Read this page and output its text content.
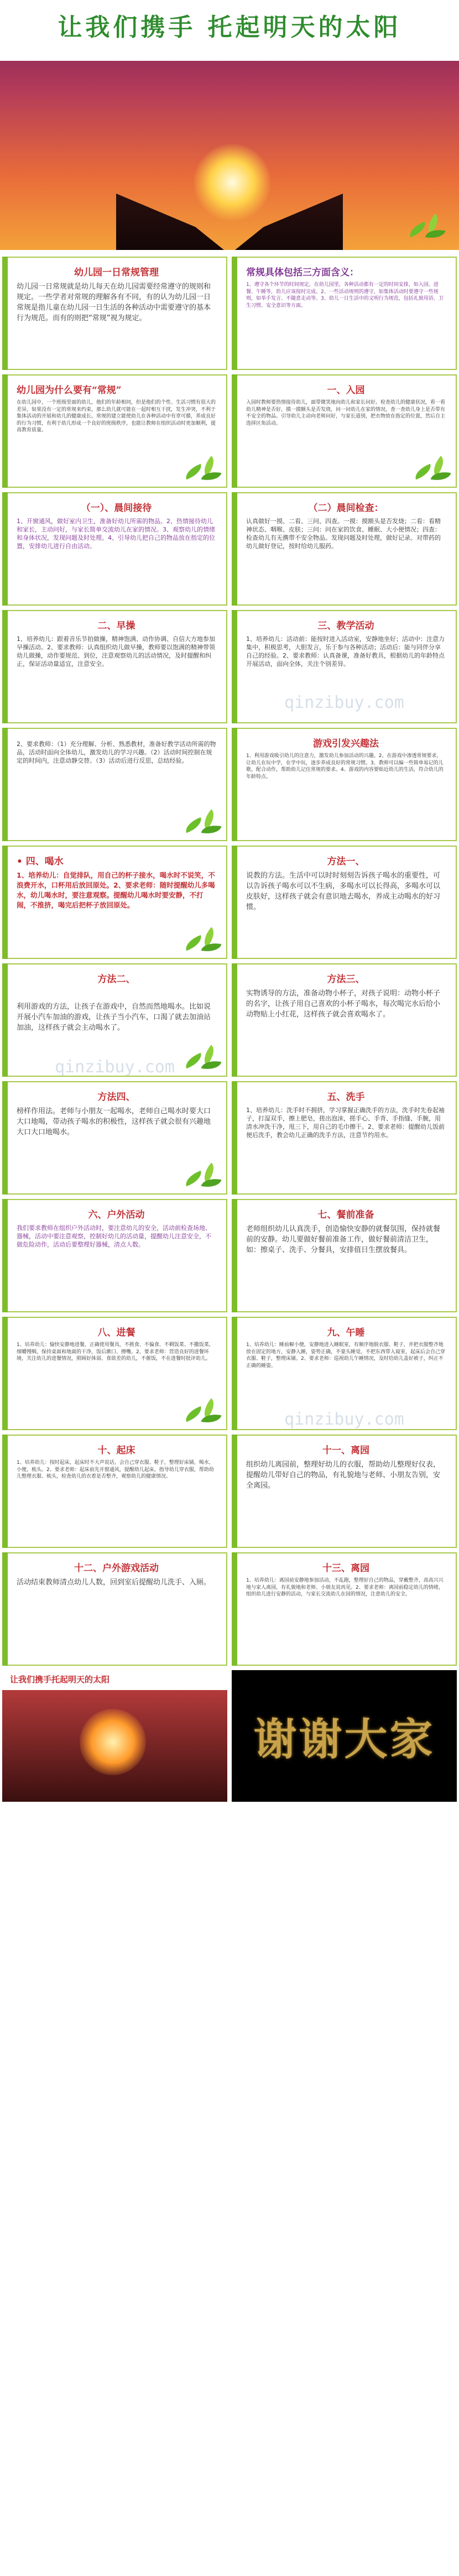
让我们携手 托起明天的太阳
幼儿园一日常规管理
幼儿园一日常规就是幼儿每天在幼儿园需要经常遵守的规则和规定。一些学者对常规的理解各有不同，有的认为幼儿园一日常规是指儿童在幼儿园一日生活的各种活动中需要遵守的基本行为规范。而有的则把“常规”视为规定。
常规具体包括三方面含义：
1、遵守各个环节的时间规定，在幼儿园里，各种活动都有一定的时间安排，如入园、进餐、午睡等，幼儿应该按时完成。2、一些活动规则的遵守，如集体活动时要遵守一些规则，如举手发言、不随意走动等。3、幼儿一日生活中的文明行为规范，包括礼貌用语、卫生习惯、安全意识等方面。
幼儿园为什么要有“常规”
在幼儿园中，一个班级里面的幼儿，他们的年龄相同，但是他们的个性、生活习惯有很大的差异，如果没有一定的常规来约束，那么幼儿就可能在一起时相互干扰，发生冲突，不利于集体活动的开展和幼儿的健康成长。常规的建立能使幼儿在各种活动中有章可循，养成良好的行为习惯，有利于幼儿形成一个良好的班级秩序，也能让教师在组织活动时更加顺利，提高教育质量。
一、入园
入园时教师要热情接待幼儿，面带微笑地向幼儿和家长问好。检查幼儿的健康状况，看一看幼儿精神是否好，摸一摸额头是否发烧，问一问幼儿在家的情况，查一查幼儿身上是否带有不安全的物品。引导幼儿主动向老师问好，与家长道别，把衣物放在指定的位置，然后自主选择区角活动。
（一）、晨间接待
1、开窗通风，做好室内卫生，准备好幼儿所需的物品。2、热情接待幼儿和家长，主动问好，与家长简单交流幼儿在家的情况。3、观察幼儿的情绪和身体状况，发现问题及时处理。4、引导幼儿把自己的物品放在指定的位置，安排幼儿进行自由活动。
（二）晨间检查：
认真做好一摸、二看、三问、四查。一摸：摸额头是否发烧；二看：看精神状态、咽喉、皮肤；三问：问在家的饮食、睡眠、大小便情况；四查：检查幼儿有无携带不安全物品。发现问题及时处理，做好记录。对带药的幼儿做好登记，按时给幼儿服药。
二、早操
1、培养幼儿：跟着音乐节拍做操，精神饱满、动作协调、自信大方地参加早操活动。2、要求教师：认真组织幼儿做早操，教师要以饱满的精神带领幼儿做操，动作要规范、到位，注意观察幼儿的活动情况，及时提醒和纠正，保证活动量适宜，注意安全。
三、教学活动
1、培养幼儿：活动前：能按时进入活动室，安静地坐好；活动中：注意力集中，积极思考，大胆发言，乐于参与各种活动；活动后：能与同伴分享自己的经验。2、要求教师：认真备课，准备好教具，根据幼儿的年龄特点开展活动，面向全体，关注个别差异。
qinzibuy.com
2、要求教师：（1）充分理解、分析、熟悉教材，准备好教学活动所需的物品，活动时面向全体幼儿，激发幼儿的学习兴趣。（2）活动时间控制在规定的时间内，注意动静交替。（3）活动后进行反思，总结经验。
游戏引发兴趣法
1、利用游戏吸引幼儿的注意力，激发幼儿参加活动的兴趣。2、在游戏中渗透常规要求，让幼儿在玩中学，在学中玩，逐步养成良好的常规习惯。3、教师可以编一些简单易记的儿歌，配合动作，帮助幼儿记住常规的要求。4、游戏的内容要贴近幼儿的生活，符合幼儿的年龄特点。
• 四、喝水
1、培养幼儿：自觉排队，用自己的杯子接水，喝水时不说笑，不浪费开水，口杯用后放回原处。2、要求老师：随时提醒幼儿多喝水，幼儿喝水时，要注意观察。提醒幼儿喝水时要安静，不打闹，不推挤，喝完后把杯子放回原处。
方法一、
说教的方法。生活中可以时时刻刻告诉孩子喝水的重要性，可以告诉孩子喝水可以不生病，多喝水可以长得高，多喝水可以皮肤好，这样孩子就会有意识地去喝水，养成主动喝水的好习惯。
方法二、
利用游戏的方法，让孩子在游戏中，自然而然地喝水。比如说开展小汽车加油的游戏，让孩子当小汽车，口渴了就去加油站加油，这样孩子就会主动喝水了。
qinzibuy.com
方法三、
实物诱导的方法，准备动物小杯子，对孩子说明：动物小杯子的名字，让孩子用自己喜欢的小杯子喝水，每次喝完水后给小动物贴上小红花，这样孩子就会喜欢喝水了。
方法四、
榜样作用法。老师与小朋友一起喝水，老师自己喝水时要大口大口地喝，带动孩子喝水的积极性，这样孩子就会很有兴趣地大口大口地喝水。
五、洗手
1、培养幼儿：洗手时不拥挤，学习掌握正确洗手的方法，洗手时先卷起袖子，打湿双手，擦上肥皂，搓出泡沫，搓手心、手背、手指缝、手腕，用清水冲洗干净，甩三下，用自己的毛巾擦干。2、要求老师：提醒幼儿饭前便后洗手，教会幼儿正确的洗手方法，注意节约用水。
六、户外活动
我们要求教师在组织户外活动时，要注意幼儿的安全，活动前检查场地、器械，活动中要注意观察，控制好幼儿的活动量，提醒幼儿注意安全，不做危险动作，活动后要整理好器械，清点人数。
七、餐前准备
老师组织幼儿认真洗手，创造愉快安静的就餐氛围，保持就餐前的安静。幼儿要做好餐前准备工作，做好餐前清洁卫生，如：擦桌子、洗手、分餐具，安排值日生摆放餐具。
八、进餐
1、培养幼儿：愉快安静地进餐，正确使用餐具，不挑食、不偏食、不剩饭菜、不撒饭菜，细嚼慢咽，保持桌面和地面的干净，饭后漱口、擦嘴。2、要求老师：营造良好的进餐环境，关注幼儿的进餐情况，照顾好体弱、食欲差的幼儿，不催饭，不在进餐时批评幼儿。
九、午睡
1、培养幼儿：睡前解小便，安静地进入睡眠室，有顺序地脱衣服、鞋子，并把衣服整齐地放在固定的地方，安静入睡，姿势正确，不蒙头睡觉，不把东西带入寝室，起床后会自己穿衣服、鞋子，整理床铺。2、要求老师：巡视幼儿午睡情况，及时给幼儿盖好被子，纠正不正确的睡姿。
qinzibuy.com
十、起床
1、培养幼儿：按时起床，起床时不大声说话，会自己穿衣服、鞋子，整理好床铺，喝水，小便，梳头。2、要求老师：起床前先开窗通风，提醒幼儿起床，指导幼儿穿衣服，帮助幼儿整理衣服、梳头，检查幼儿的衣着是否整齐，观察幼儿的健康情况。
十一、离园
组织幼儿离园前，整理好幼儿的衣服，帮助幼儿整理好仪表，提醒幼儿带好自己的物品，有礼貌地与老师、小朋友告别，安全离园。
十二、户外游戏活动
活动结束教师清点幼儿人数，回到室后提醒幼儿洗手、入厕。
十三、离园
1、培养幼儿：离园前安静地参加活动，不乱跑，整理好自己的物品，穿戴整齐，高高兴兴地与家人离园，有礼貌地和老师、小朋友说再见。2、要求老师：离园前稳定幼儿的情绪，组织幼儿进行安静的活动，与家长交流幼儿在园的情况，注意幼儿的安全。
让我们携手托起明天的太阳
谢谢大家
